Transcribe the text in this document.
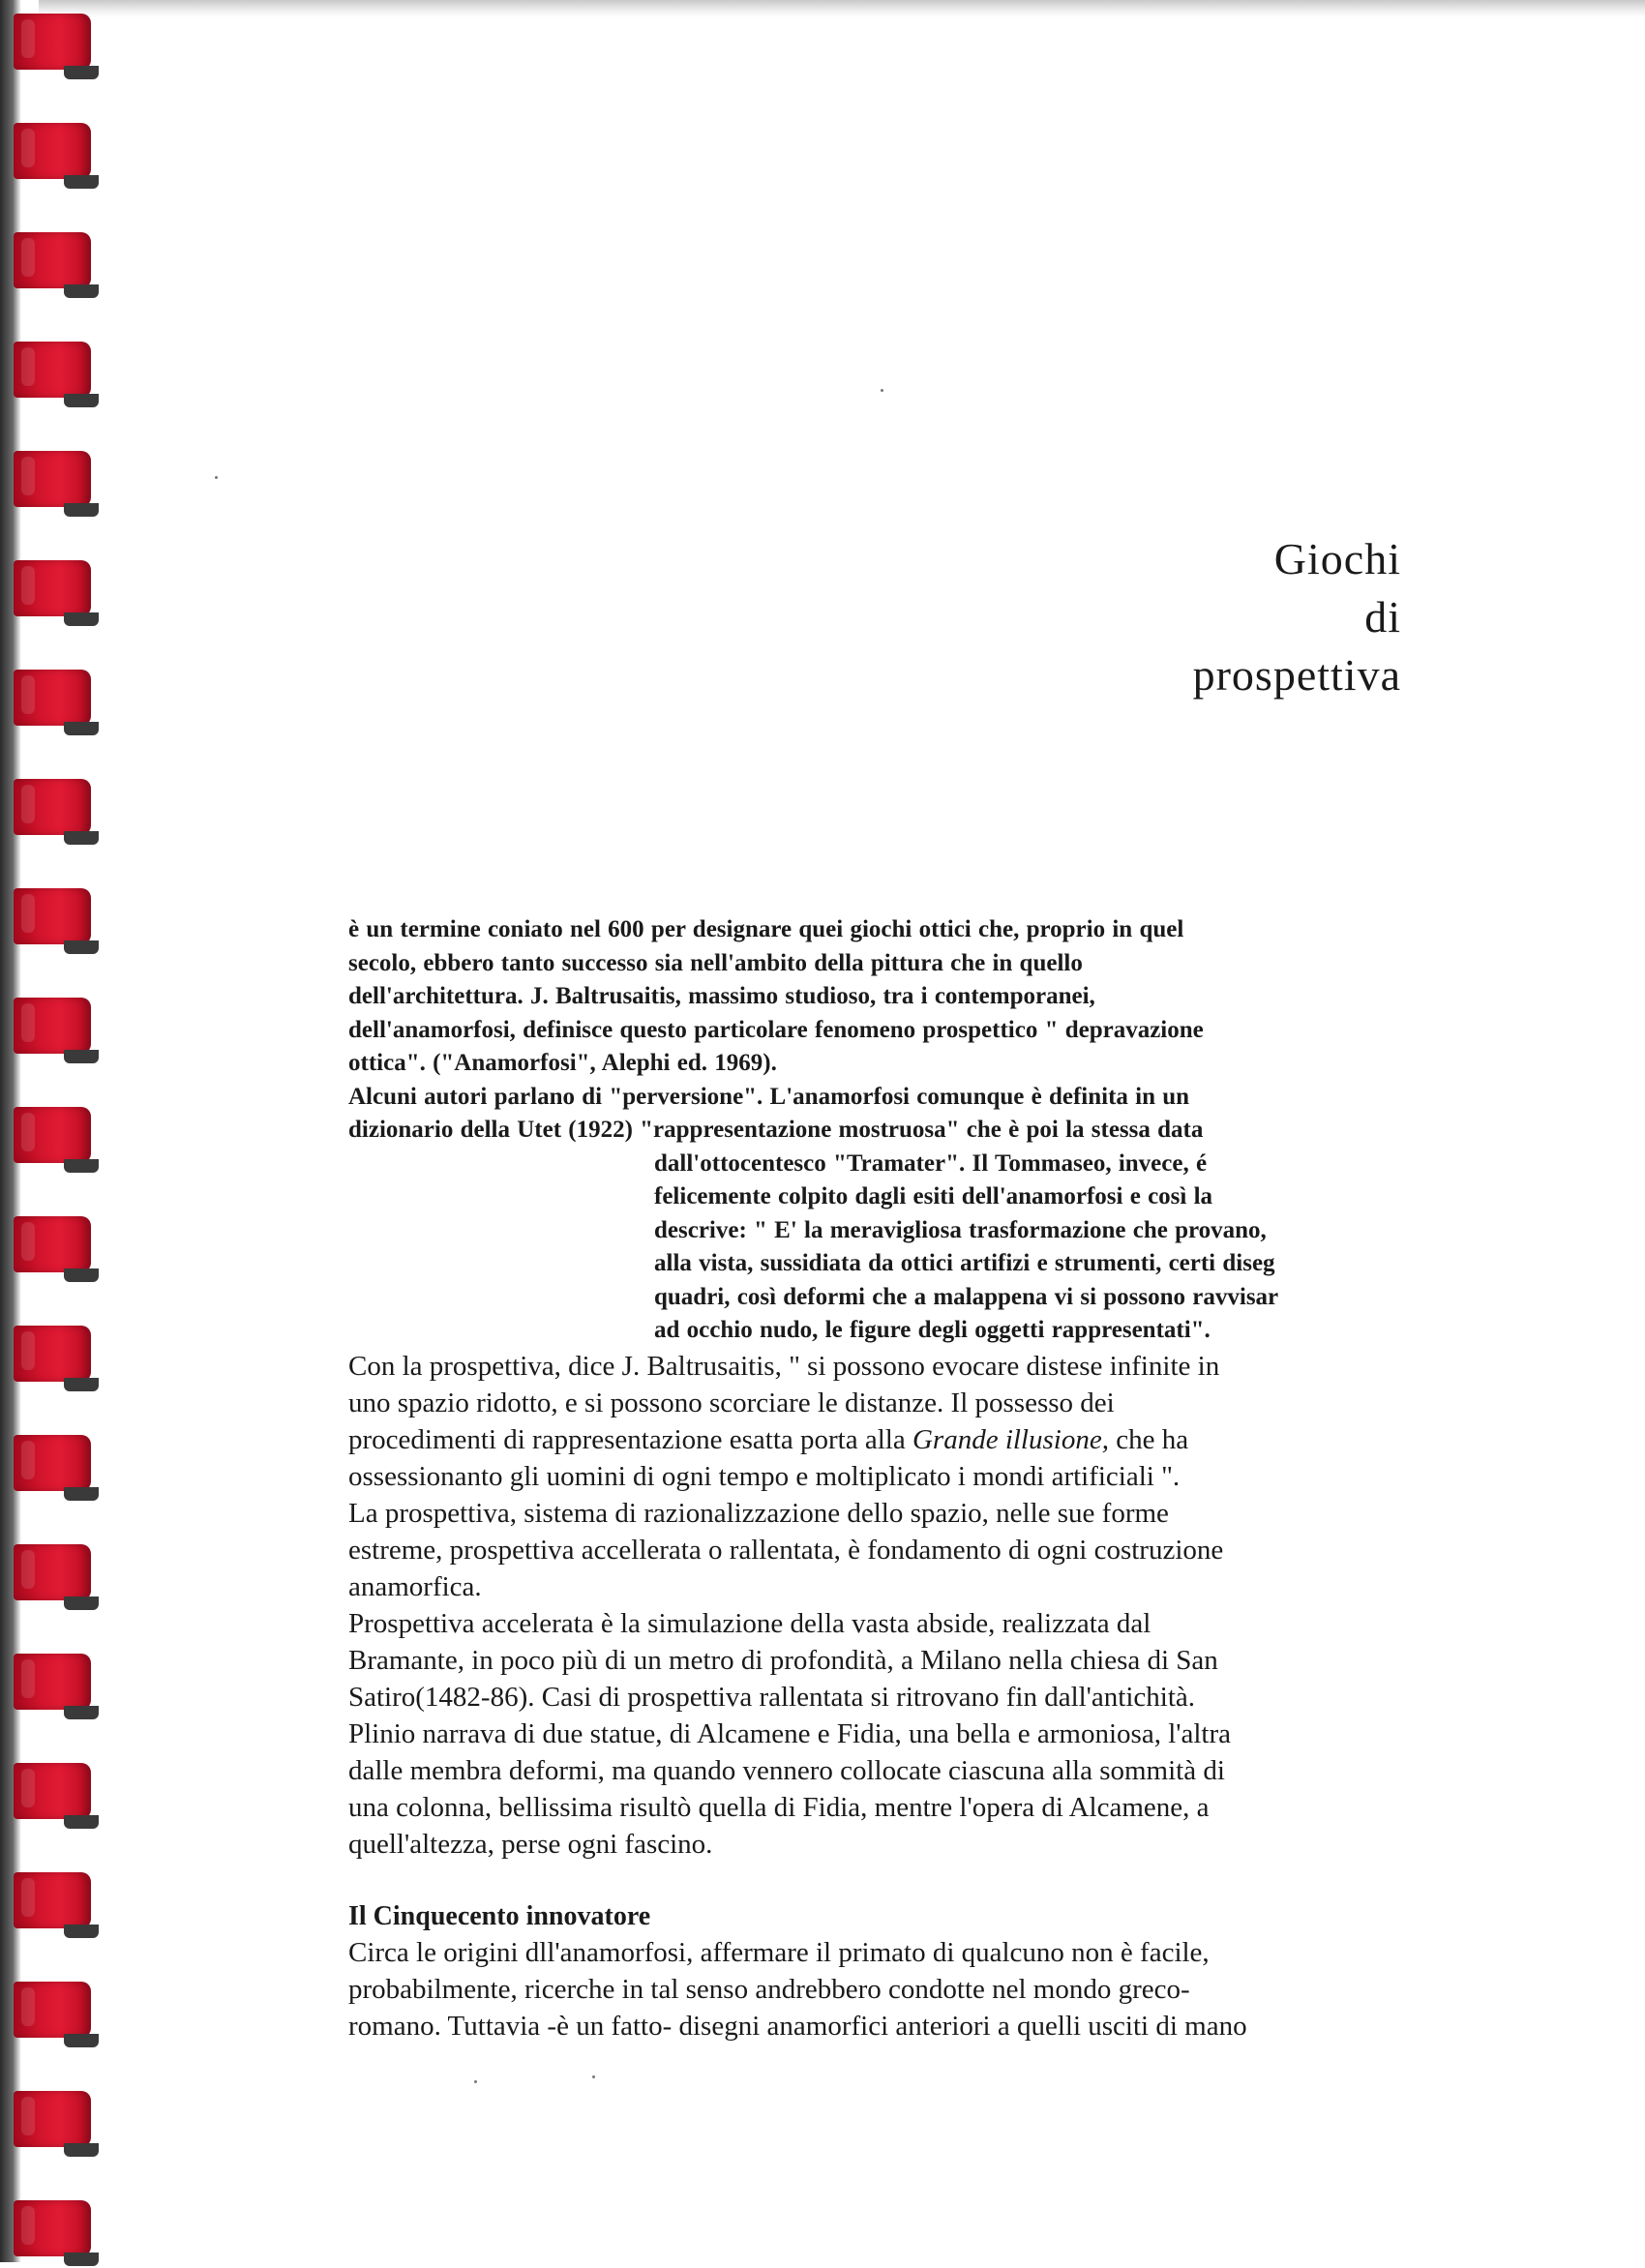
Giochi
di
prospettiva
è un termine coniato nel 600 per designare quei giochi ottici che, proprio in quel
secolo, ebbero tanto successo sia nell'ambito della pittura che in quello
dell'architettura. J. Baltrusaitis, massimo studioso, tra i contemporanei,
dell'anamorfosi, definisce questo particolare fenomeno prospettico " depravazione
ottica". ("Anamorfosi", Alephi ed. 1969).
Alcuni autori parlano di "perversione". L'anamorfosi comunque è definita in un
dizionario della Utet (1922) "rappresentazione mostruosa" che è poi la stessa data
dall'ottocentesco "Tramater". Il Tommaseo, invece, é
felicemente colpito dagli esiti dell'anamorfosi e così la
descrive: " E' la meravigliosa trasformazione che provano,
alla vista, sussidiata da ottici artifizi e strumenti, certi diseg
quadri, così deformi che a malappena vi si possono ravvisar
ad occhio nudo, le figure degli oggetti rappresentati".
Con la prospettiva, dice J. Baltrusaitis, " si possono evocare distese infinite in
uno spazio ridotto, e si possono scorciare le distanze. Il possesso dei
procedimenti di rappresentazione esatta porta alla Grande illusione, che ha
ossessionanto gli uomini di ogni tempo e moltiplicato i mondi artificiali ".
La prospettiva, sistema di razionalizzazione dello spazio, nelle sue forme
estreme, prospettiva accellerata o rallentata, è fondamento di ogni costruzione
anamorfica.
Prospettiva accelerata è la simulazione della vasta abside, realizzata dal
Bramante, in poco più di un metro di profondità, a Milano nella chiesa di San
Satiro(1482-86). Casi di prospettiva rallentata si ritrovano fin dall'antichità.
Plinio narrava di due statue, di Alcamene e Fidia, una bella e armoniosa, l'altra
dalle membra deformi, ma quando vennero collocate ciascuna alla sommità di
una colonna, bellissima risultò quella di Fidia, mentre l'opera di Alcamene, a
quell'altezza, perse ogni fascino.
Il Cinquecento innovatore
Circa le origini dll'anamorfosi, affermare il primato di qualcuno non è facile,
probabilmente, ricerche in tal senso andrebbero condotte nel mondo greco-
romano. Tuttavia -è un fatto- disegni anamorfici anteriori a quelli usciti di mano
